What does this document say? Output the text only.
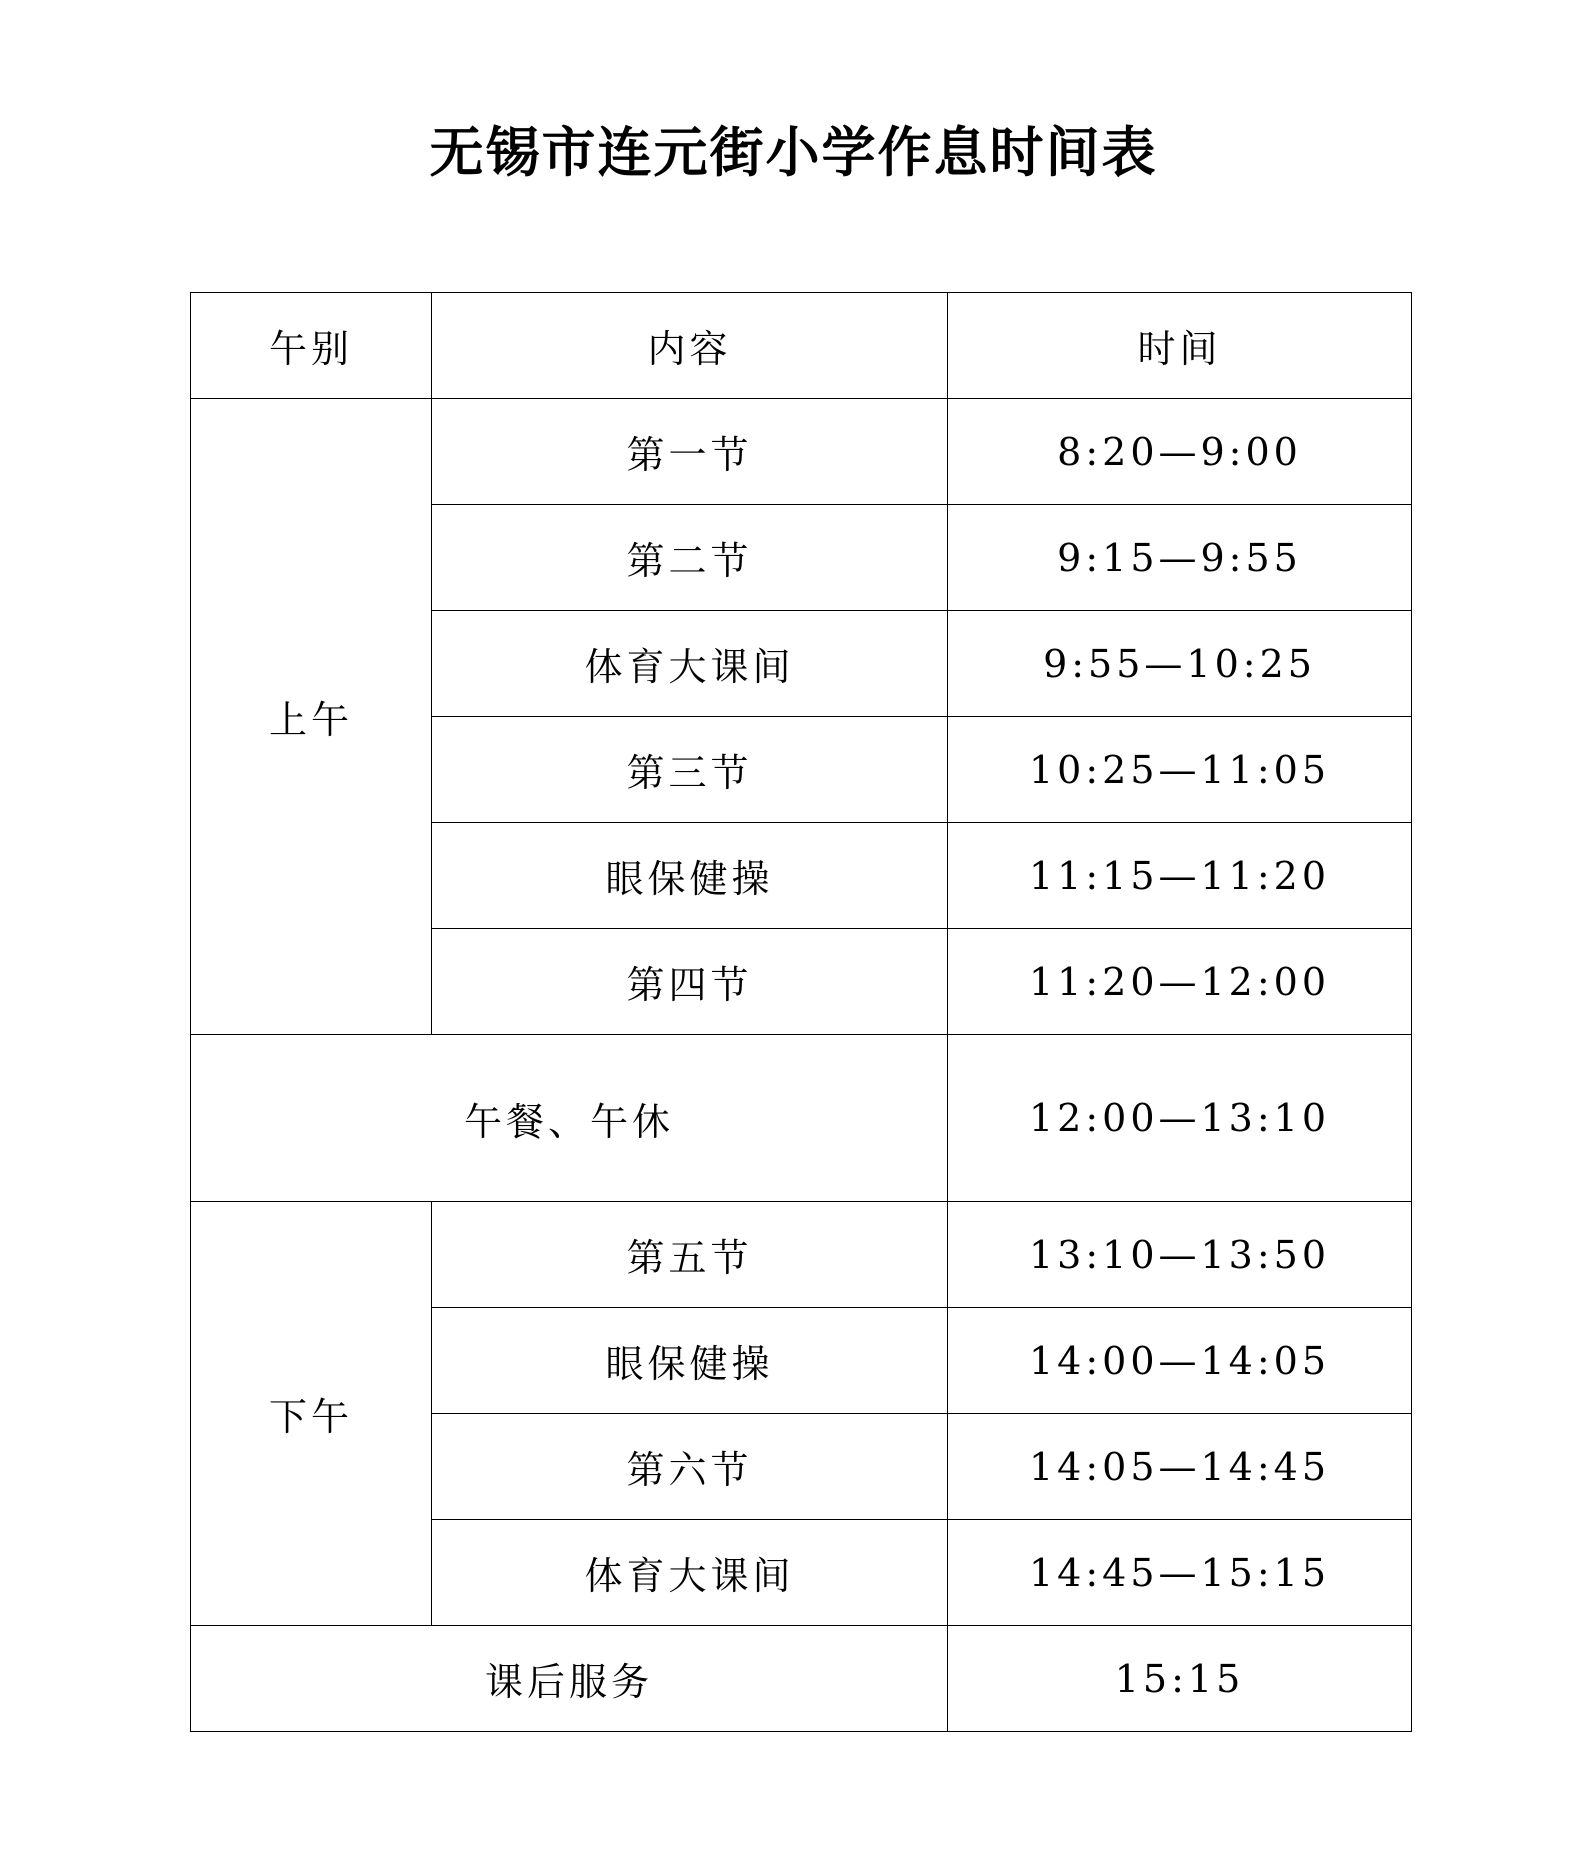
无锡市连元街小学作息时间表
午别	内容	时间
上午	第一节	8:20—9:00
	第二节	9:15—9:55
	体育大课间	9:55—10:25
	第三节	10:25—11:05
	眼保健操	11:15—11:20
	第四节	11:20—12:00
午餐、午休		12:00—13:10
下午	第五节	13:10—13:50
	眼保健操	14:00—14:05
	第六节	14:05—14:45
	体育大课间	14:45—15:15
课后服务		15:15
